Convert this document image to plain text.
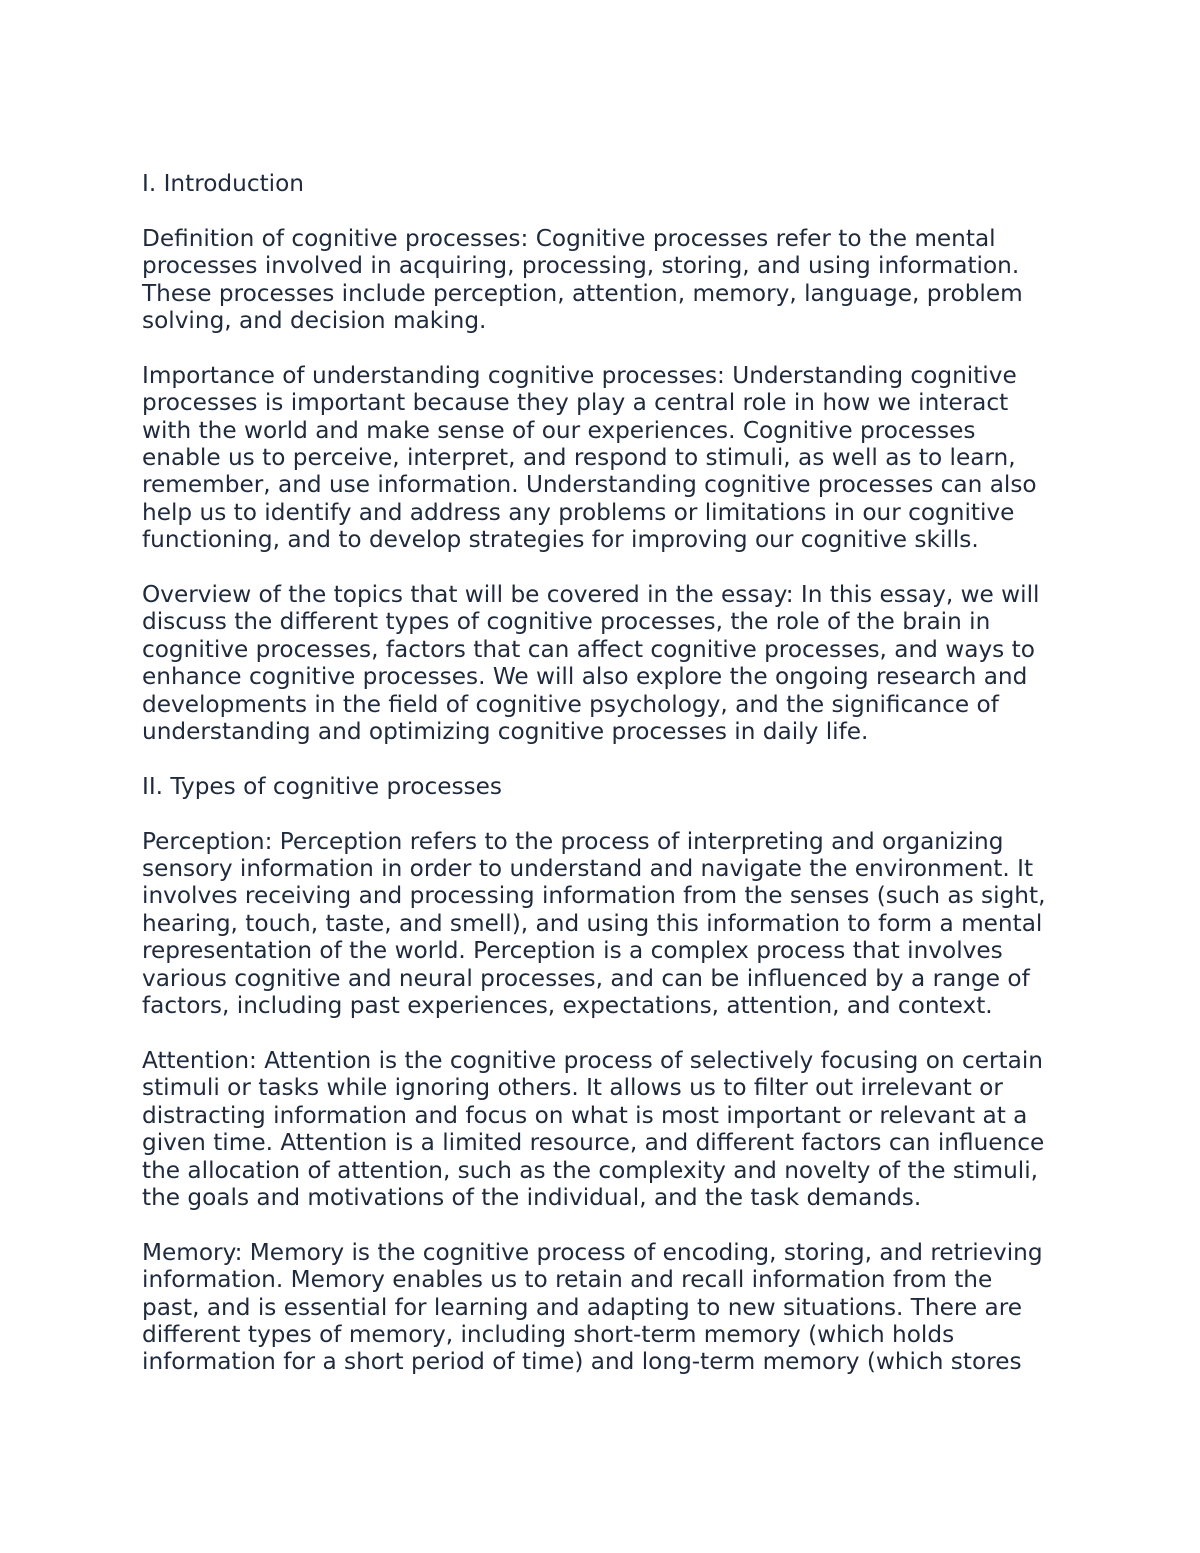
I. Introduction
Definition of cognitive processes: Cognitive processes refer to the mental
processes involved in acquiring, processing, storing, and using information.
These processes include perception, attention, memory, language, problem
solving, and decision making.
Importance of understanding cognitive processes: Understanding cognitive
processes is important because they play a central role in how we interact
with the world and make sense of our experiences. Cognitive processes
enable us to perceive, interpret, and respond to stimuli, as well as to learn,
remember, and use information. Understanding cognitive processes can also
help us to identify and address any problems or limitations in our cognitive
functioning, and to develop strategies for improving our cognitive skills.
Overview of the topics that will be covered in the essay: In this essay, we will
discuss the different types of cognitive processes, the role of the brain in
cognitive processes, factors that can affect cognitive processes, and ways to
enhance cognitive processes. We will also explore the ongoing research and
developments in the field of cognitive psychology, and the significance of
understanding and optimizing cognitive processes in daily life.
II. Types of cognitive processes
Perception: Perception refers to the process of interpreting and organizing
sensory information in order to understand and navigate the environment. It
involves receiving and processing information from the senses (such as sight,
hearing, touch, taste, and smell), and using this information to form a mental
representation of the world. Perception is a complex process that involves
various cognitive and neural processes, and can be influenced by a range of
factors, including past experiences, expectations, attention, and context.
Attention: Attention is the cognitive process of selectively focusing on certain
stimuli or tasks while ignoring others. It allows us to filter out irrelevant or
distracting information and focus on what is most important or relevant at a
given time. Attention is a limited resource, and different factors can influence
the allocation of attention, such as the complexity and novelty of the stimuli,
the goals and motivations of the individual, and the task demands.
Memory: Memory is the cognitive process of encoding, storing, and retrieving
information. Memory enables us to retain and recall information from the
past, and is essential for learning and adapting to new situations. There are
different types of memory, including short-term memory (which holds
information for a short period of time) and long-term memory (which stores
